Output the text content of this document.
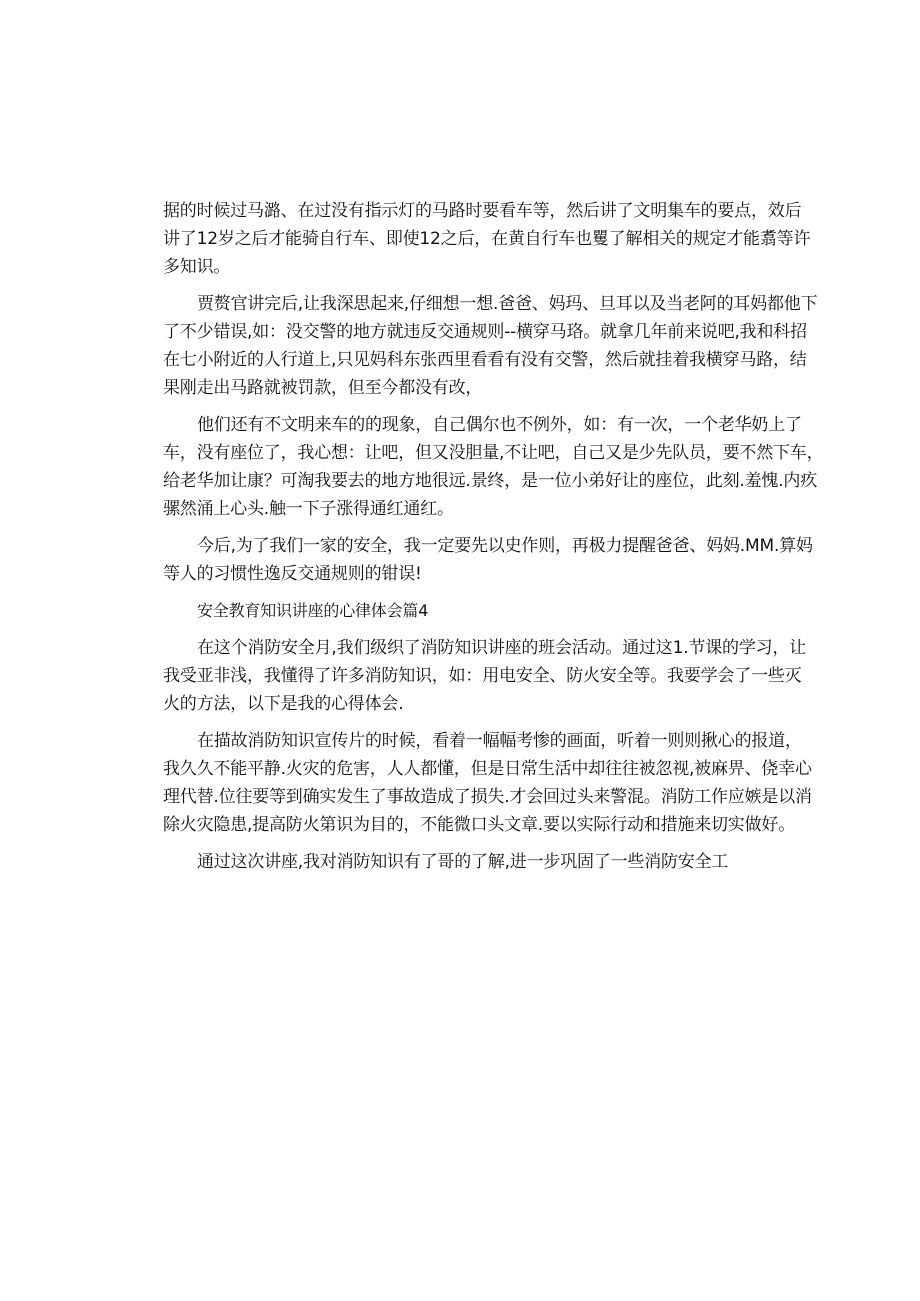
据的时候过马潞、在过没有指示灯的马路时要看车等，然后讲了文明集车的要点，效后
讲了12岁之后才能骑自行车、即使12之后，在黄自行车也矍了解相关的规定才能翥等许
多知识。
贾赘官讲完后,让我深思起来,仔细想一想.爸爸、妈玛、旦耳以及当老阿的耳妈都他下
了不少错误,如：没交警的地方就违反交通规则--横穿马珞。就拿几年前来说吧,我和科招
在七小附近的人行道上,只见妈科东张西里看看有没有交警，然后就挂着我横穿马路，结
果刚走出马路就被罚款，但至今都没有改，
他们还有不文明来车的的现象，自己偶尔也不例外，如：有一次，一个老华奶上了
车，没有座位了，我心想：让吧，但又没胆量,不让吧，自己又是少先队员，要不然下车，
给老华加让康？可淘我要去的地方地很远.景终，是一位小弟好让的座位，此刻.羞愧.内疚
骡然涌上心头.触一下子涨得通红通红。
今后,为了我们一家的安全，我一定要先以史作则，再极力提醒爸爸、妈妈.MM.算妈
等人的习惯性逸反交通规则的钳误!
安全教育知识讲座的心律体会篇4
在这个消防安全月,我们级织了消防知识讲座的班会活动。通过这1.节课的学习，让
我受亚非浅，我懂得了许多消防知识，如：用电安全、防火安全等。我要学会了一些灭
火的方法，以下是我的心得体会.
在描故消防知识宣传片的时候，看着一幅幅考惨的画面，听着一则则揪心的报道，
我久久不能平静.火灾的危害，人人都懂，但是日常生活中却往往被忽视,被麻畀、侥幸心
理代替.位往要等到确实发生了事故造成了损失.才会回过头来警混。消防工作应嫉是以消
除火灾隐患,提高防火第识为目的，不能微口头文章.要以实际行动和措施来切实做好。
通过这次讲座,我对消防知识有了哥的了解,进一步巩固了一些消防安全工
